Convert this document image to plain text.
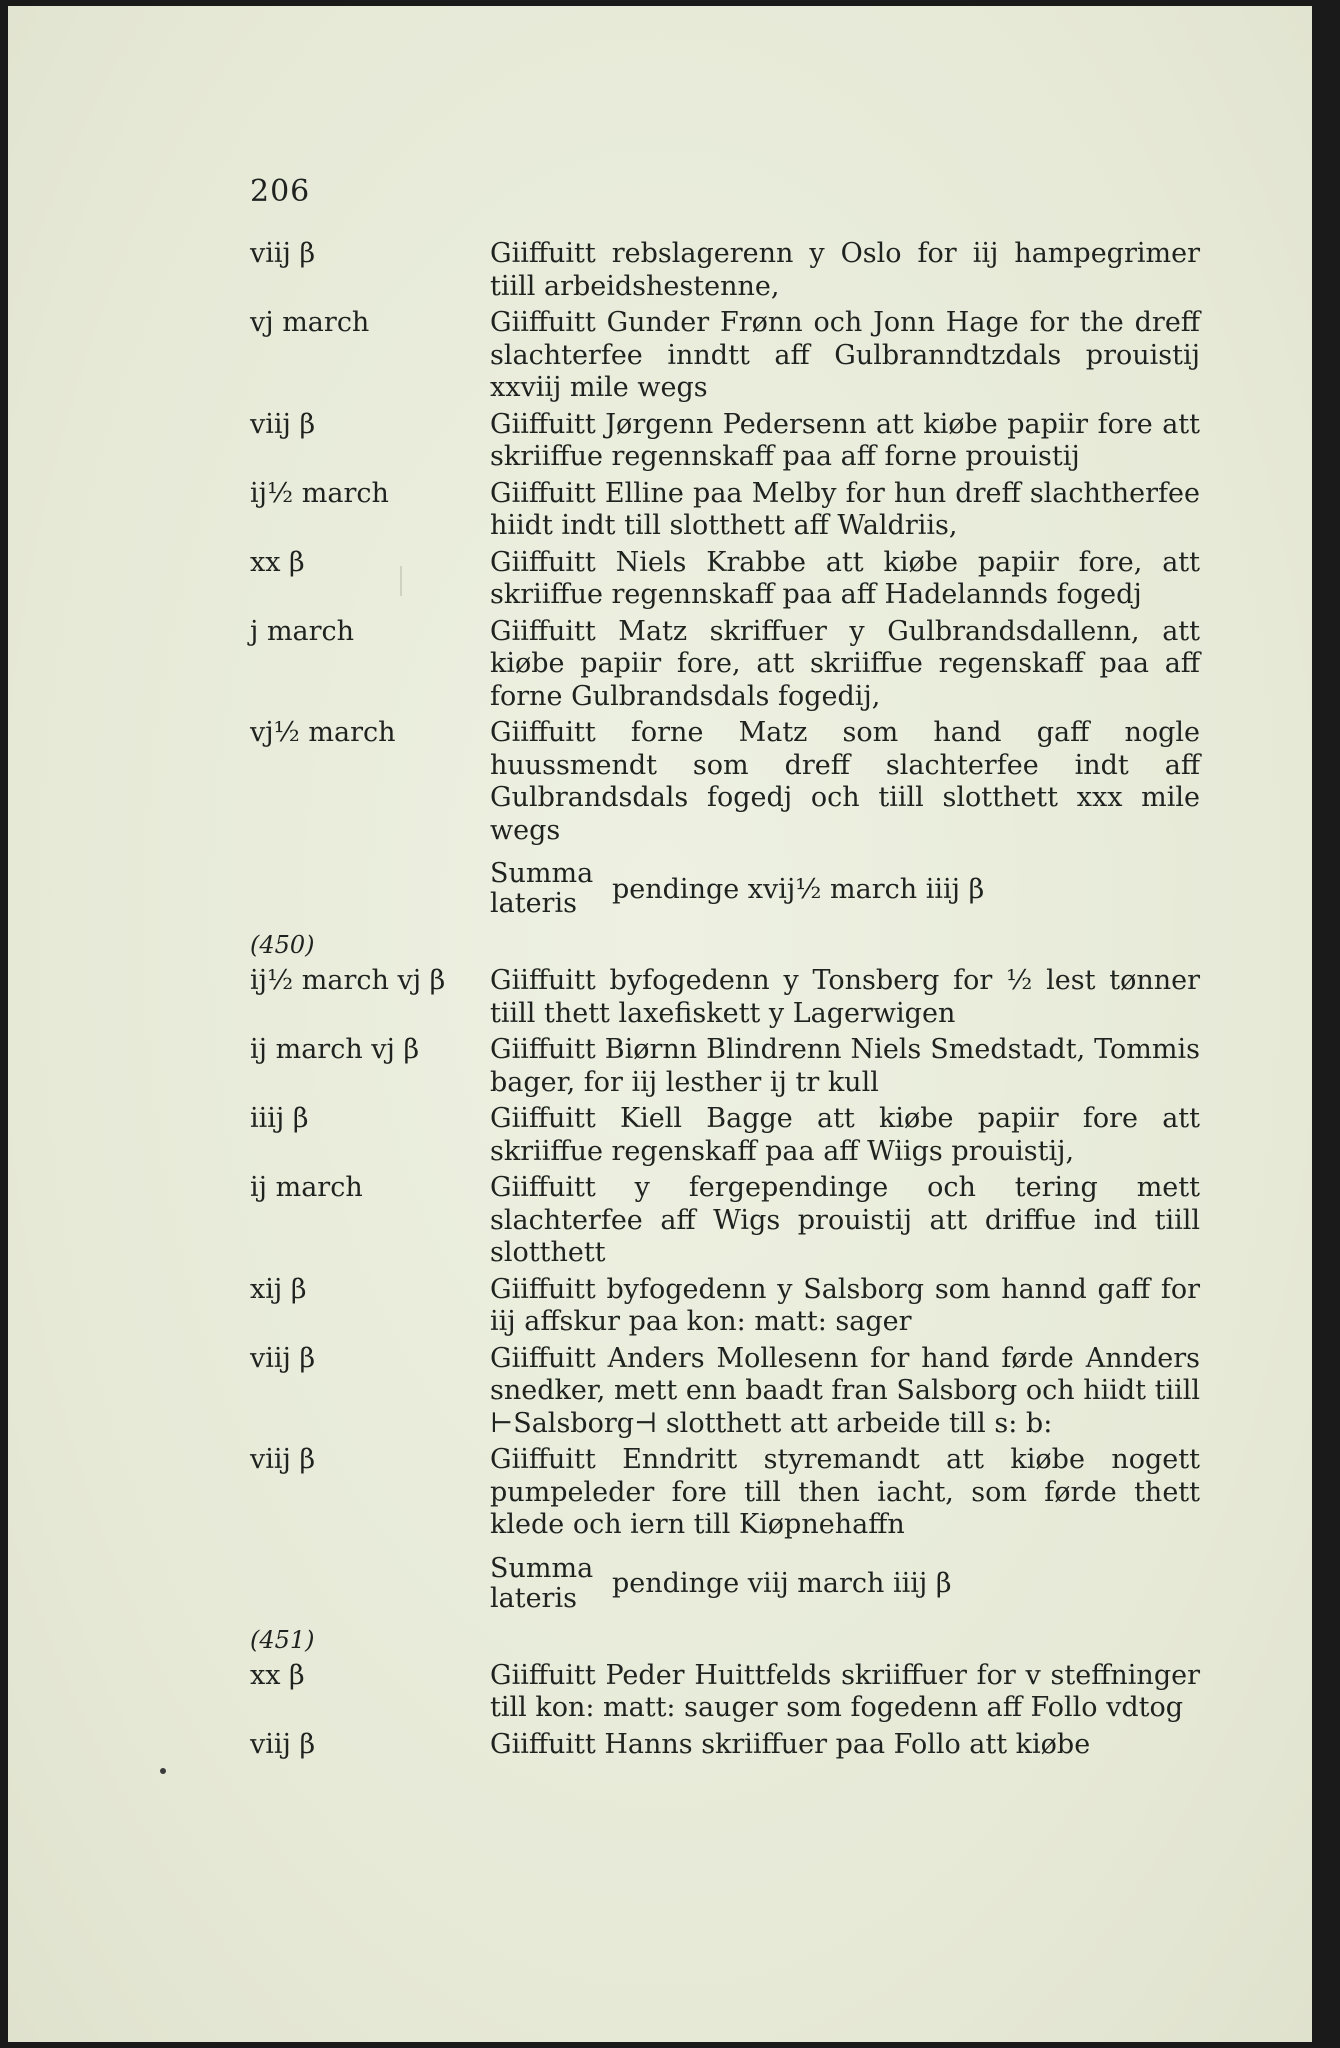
206
viij β	Giiffuitt rebslagerenn y Oslo for iij hampegrimer tiill arbeidshestenne,
vj march	Giiffuitt Gunder Frønn och Jonn Hage for the dreff slachterfee inndtt aff Gulbranndtzdals prouistij xxviij mile wegs
viij β	Giiffuitt Jørgenn Pedersenn att kiøbe papiir fore att skriiffue regennskaff paa aff forne prouistij
ij½ march	Giiffuitt Elline paa Melby for hun dreff slachtherfee hiidt indt till slotthett aff Waldriis,
xx β	Giiffuitt Niels Krabbe att kiøbe papiir fore, att skriiffue regennskaff paa aff Hadelannds fogedj
j march	Giiffuitt Matz skriffuer y Gulbrandsdallenn, att kiøbe papiir fore, att skriiffue regenskaff paa aff forne Gulbrandsdals fogedij,
vj½ march	Giiffuitt forne Matz som hand gaff nogle huussmendt som dreff slachterfee indt aff Gulbrandsdals fogedj och tiill slotthett xxx mile wegs
Summa
lateris	pendinge xvij½ march iiij β
(450)
ij½ march vj β	Giiffuitt byfogedenn y Tonsberg for ½ lest tønner tiill thett laxefiskett y Lagerwigen
ij march vj β	Giiffuitt Biørnn Blindrenn Niels Smedstadt, Tommis bager, for iij lesther ij tr kull
iiij β	Giiffuitt Kiell Bagge att kiøbe papiir fore att skriiffue regenskaff paa aff Wiigs prouistij,
ij march	Giiffuitt y fergependinge och tering mett slachterfee aff Wigs prouistij att driffue ind tiill slotthett
xij β	Giiffuitt byfogedenn y Salsborg som hannd gaff for iij affskur paa kon: matt: sager
viij β	Giiffuitt Anders Mollesenn for hand førde Annders snedker, mett enn baadt fran Salsborg och hiidt tiill ⊢Salsborg⊣ slotthett att arbeide till s: b:
viij β	Giiffuitt Enndritt styremandt att kiøbe nogett pumpeleder fore till then iacht, som førde thett klede och iern till Kiøpnehaffn
Summa
lateris	pendinge viij march iiij β
(451)
xx β	Giiffuitt Peder Huittfelds skriiffuer for v steffninger till kon: matt: sauger som fogedenn aff Follo vdtog
viij β	Giiffuitt Hanns skriiffuer paa Follo att kiøbe
